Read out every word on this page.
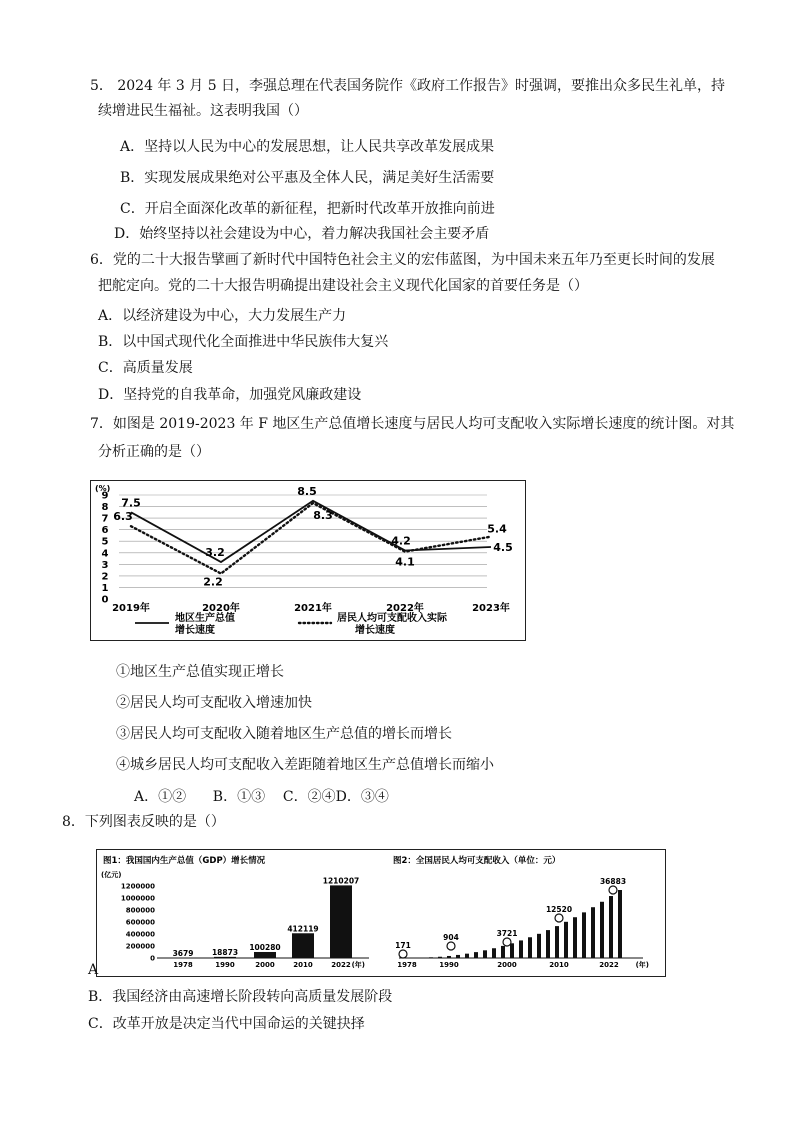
5． 2024 年 3 月 5 日，李强总理在代表国务院作《政府工作报告》时强调，要推出众多民生礼单，持
续增进民生福祉。这表明我国（）
A．坚持以人民为中心的发展思想，让人民共享改革发展成果
B．实现发展成果绝对公平惠及全体人民，满足美好生活需要
C．开启全面深化改革的新征程，把新时代改革开放推向前进
D．始终坚持以社会建设为中心，着力解决我国社会主要矛盾
6．党的二十大报告擘画了新时代中国特色社会主义的宏伟蓝图，为中国未来五年乃至更长时间的发展
把舵定向。党的二十大报告明确提出建设社会主义现代化国家的首要任务是（）
A．以经济建设为中心，大力发展生产力
B．以中国式现代化全面推进中华民族伟大复兴
C．高质量发展
D．坚持党的自我革命，加强党风廉政建设
7．如图是 2019-2023 年 F 地区生产总值增长速度与居民人均可支配收入实际增长速度的统计图。对其
分析正确的是（）
(%)
0
1
2
3
4
5
6
7
8
9
2019年	2020年	2021年	2022年	2023年
7.5
3.2
8.5
4.2
4.5
6.3
2.2
8.3
4.1
5.4
地区生产总值
增长速度
居民人均可支配收入实际
增长速度
①地区生产总值实现正增长
②居民人均可支配收入增速加快
③居民人均可支配收入随着地区生产总值的增长而增长
④城乡居民人均可支配收入差距随着地区生产总值增长而缩小
A．①②      B．①③    C．②④D．③④
8．下列图表反映的是（）
图1：我国国内生产总值（GDP）增长情况
(亿元)
0
200000
400000
600000
800000
1000000
1200000
3679
1978
18873
1990
100280
2000
412119
2010
1210207
2022 (年)
图2：全国居民人均可支配收入（单位：元）
171
1978
904
1990
3721
2000
12520
2010
36883
2022 (年)
A
B．我国经济由高速增长阶段转向高质量发展阶段
C．改革开放是决定当代中国命运的关键抉择
